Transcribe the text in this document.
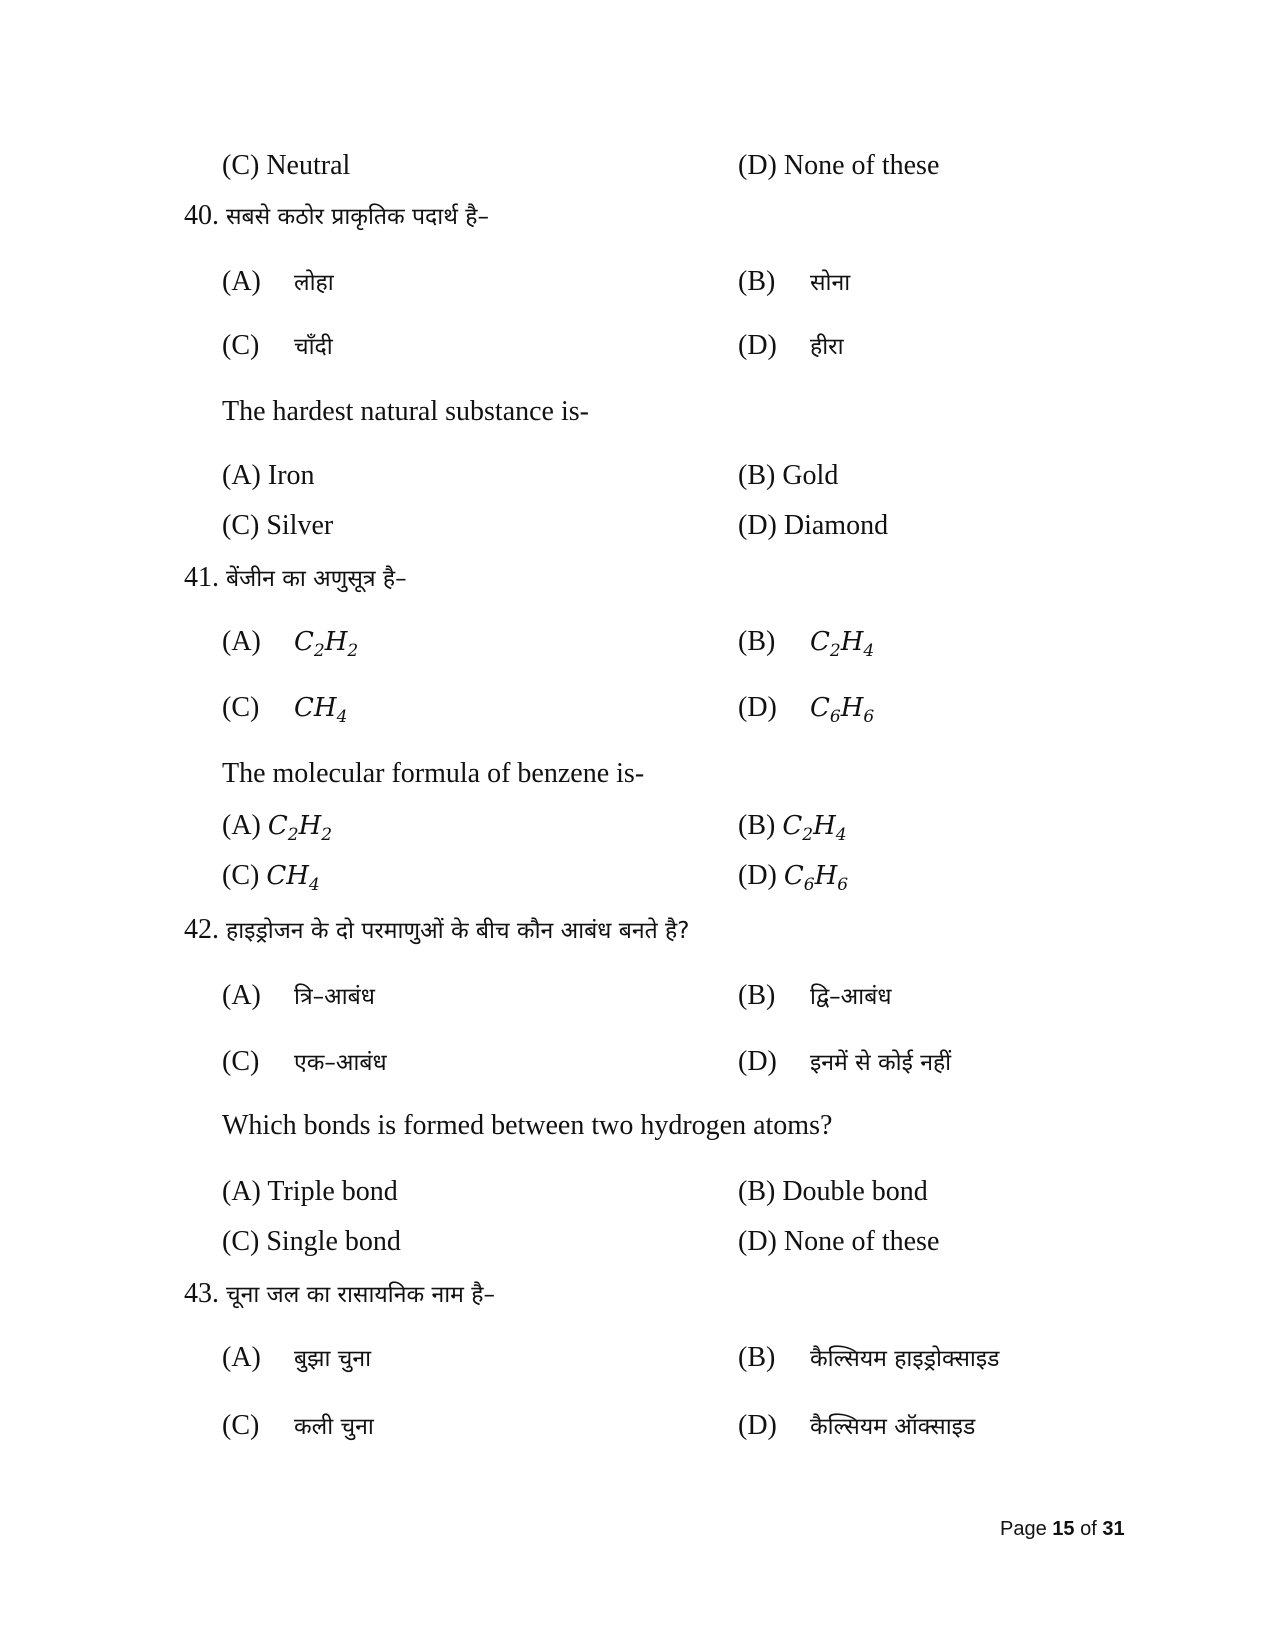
(C) Neutral	(D) None of these
40. सबसे कठोर प्राकृतिक पदार्थ है–
(A) लोहा	(B) सोना
(C) चाँदी	(D) हीरा
The hardest natural substance is-
(A) Iron	(B) Gold
(C) Silver	(D) Diamond
41. बेंजीन का अणुसूत्र है–
(A) $C_2H_2$	(B) $C_2H_4$
(C) $CH_4$	(D) $C_6H_6$
The molecular formula of benzene is-
(A) $C_2H_2$	(B) $C_2H_4$
(C) $CH_4$	(D) $C_6H_6$
42. हाइड्रोजन के दो परमाणुओं के बीच कौन आबंध बनते है?
(A) त्रि–आबंध	(B) द्वि–आबंध
(C) एक–आबंध	(D) इनमें से कोई नहीं
Which bonds is formed between two hydrogen atoms?
(A) Triple bond	(B) Double bond
(C) Single bond	(D) None of these
43. चूना जल का रासायनिक नाम है–
(A) बुझा चुना	(B) कैल्सियम हाइड्रोक्साइड
(C) कली चुना	(D) कैल्सियम ऑक्साइड
Page 15 of 31
